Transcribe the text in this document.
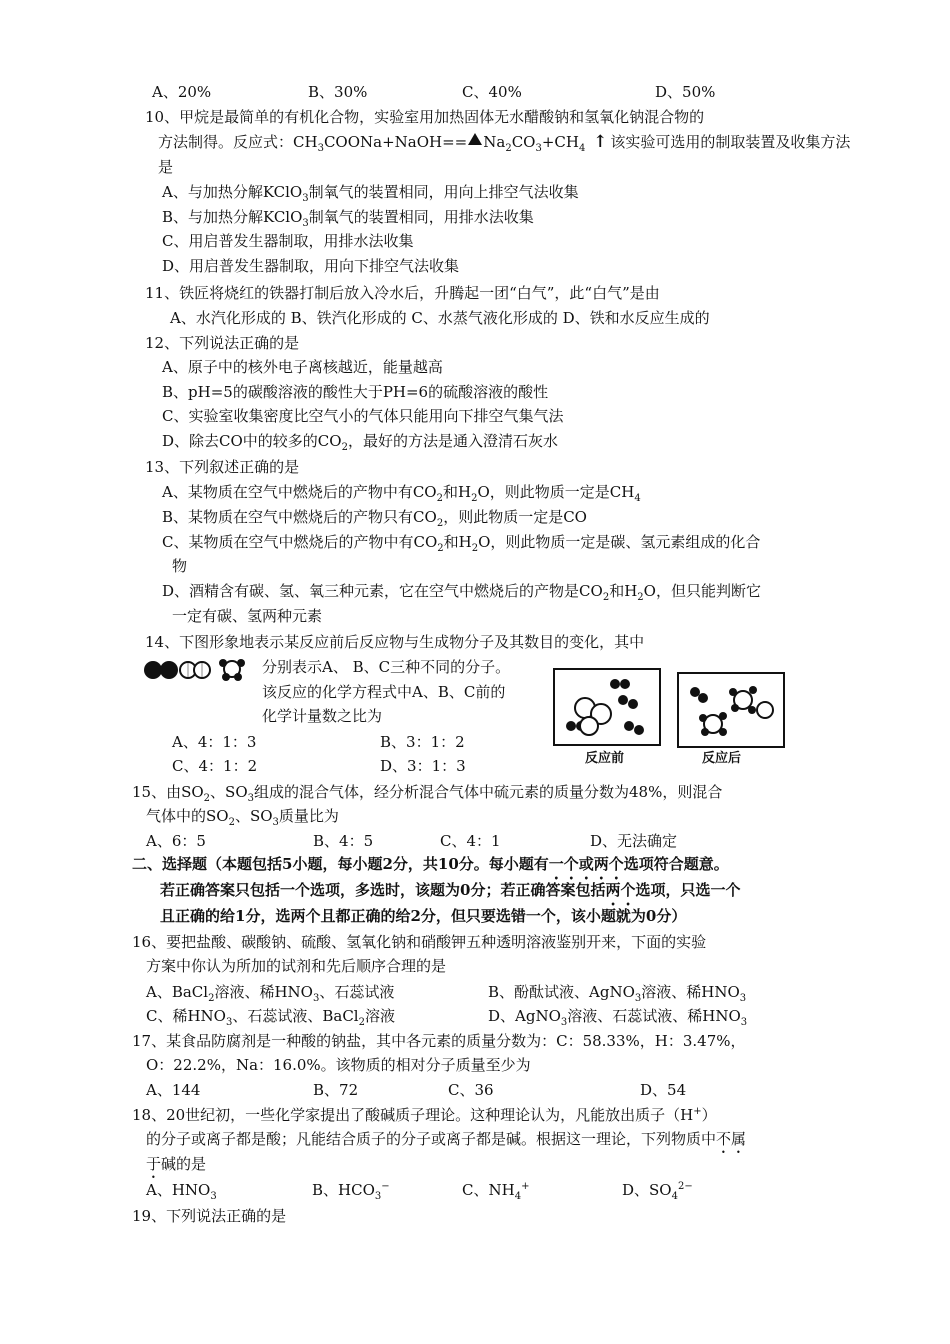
A、20%	B、30%	C、40%	D、50%
10、甲烷是最简单的有机化合物，实验室用加热固体无水醋酸钠和氢氧化钠混合物的
方法制得。反应式：$CH_3COONa+NaOH== Na_2CO_3+CH_4$ ↑ 该实验可选用的制取装置及收集方法
是
A、与加热分解KClO$_3$制氧气的装置相同，用向上排空气法收集
B、与加热分解KClO$_3$制氧气的装置相同，用排水法收集
C、用启普发生器制取，用排水法收集
D、用启普发生器制取，用向下排空气法收集
11、铁匠将烧红的铁器打制后放入冷水后，升腾起一团“白气”，此“白气”是由
A、水汽化形成的 B、铁汽化形成的 C、水蒸气液化形成的 D、铁和水反应生成的
12、下列说法正确的是
A、原子中的核外电子离核越近，能量越高
B、pH=5的碳酸溶液的酸性大于PH=6的硫酸溶液的酸性
C、实验室收集密度比空气小的气体只能用向下排空气集气法
D、除去CO中的较多的$CO_2$，最好的方法是通入澄清石灰水
13、下列叙述正确的是
A、某物质在空气中燃烧后的产物中有$CO_2$和$H_2O$，则此物质一定是$CH_4$
B、某物质在空气中燃烧后的产物只有$CO_2$，则此物质一定是CO
C、某物质在空气中燃烧后的产物中有$CO_2$和$H_2O$，则此物质一定是碳、氢元素组成的化合
物
D、酒精含有碳、氢、氧三种元素，它在空气中燃烧后的产物是$CO_2$和$H_2O$，但只能判断它
一定有碳、氢两种元素
14、下图形象地表示某反应前后反应物与生成物分子及其数目的变化，其中
分别表示A、 B、C三种不同的分子。
该反应的化学方程式中A、B、C前的
化学计量数之比为
A、4：1：3	B、3：1：2
C、4：1：2	D、3：1：3	反应前	反应后
15、由$SO_2$、$SO_3$组成的混合气体，经分析混合气体中硫元素的质量分数为48%，则混合
气体中的$SO_2$、$SO_3$质量比为
A、6：5	B、4：5	C、4：1	D、无法确定
二、选择题（本题包括5小题，每小题2分，共10分。每小题有一个或两个选项符合题意。
若正确答案只包括一个选项，多选时，该题为0分；若正确答案包括两个选项，只选一个
且正确的给1分，选两个且都正确的给2分，但只要选错一个，该小题就为0分）
16、要把盐酸、碳酸钠、硫酸、氢氧化钠和硝酸钾五种透明溶液鉴别开来，下面的实验
方案中你认为所加的试剂和先后顺序合理的是
A、BaCl$_2$溶液、稀$HNO_3$、石蕊试液	B、酚酞试液、AgNO$_3$溶液、稀$HNO_3$
C、稀$HNO_3$、石蕊试液、BaCl$_2$溶液	D、AgNO$_3$溶液、石蕊试液、稀$HNO_3$
17、某食品防腐剂是一种酸的钠盐，其中各元素的质量分数为：C：58.33%，H：3.47%，
O：22.2%，Na：16.0%。该物质的相对分子质量至少为
A、144	B、72	C、36	D、54
18、20世纪初，一些化学家提出了酸碱质子理论。这种理论认为，凡能放出质子（H+）
的分子或离子都是酸；凡能结合质子的分子或离子都是碱。根据这一理论，下列物质中不属
于碱的是
A、$HNO_3$	B、$HCO_3^-$	C、$NH_4^+$	D、$SO_4^{2-}$
19、下列说法正确的是
